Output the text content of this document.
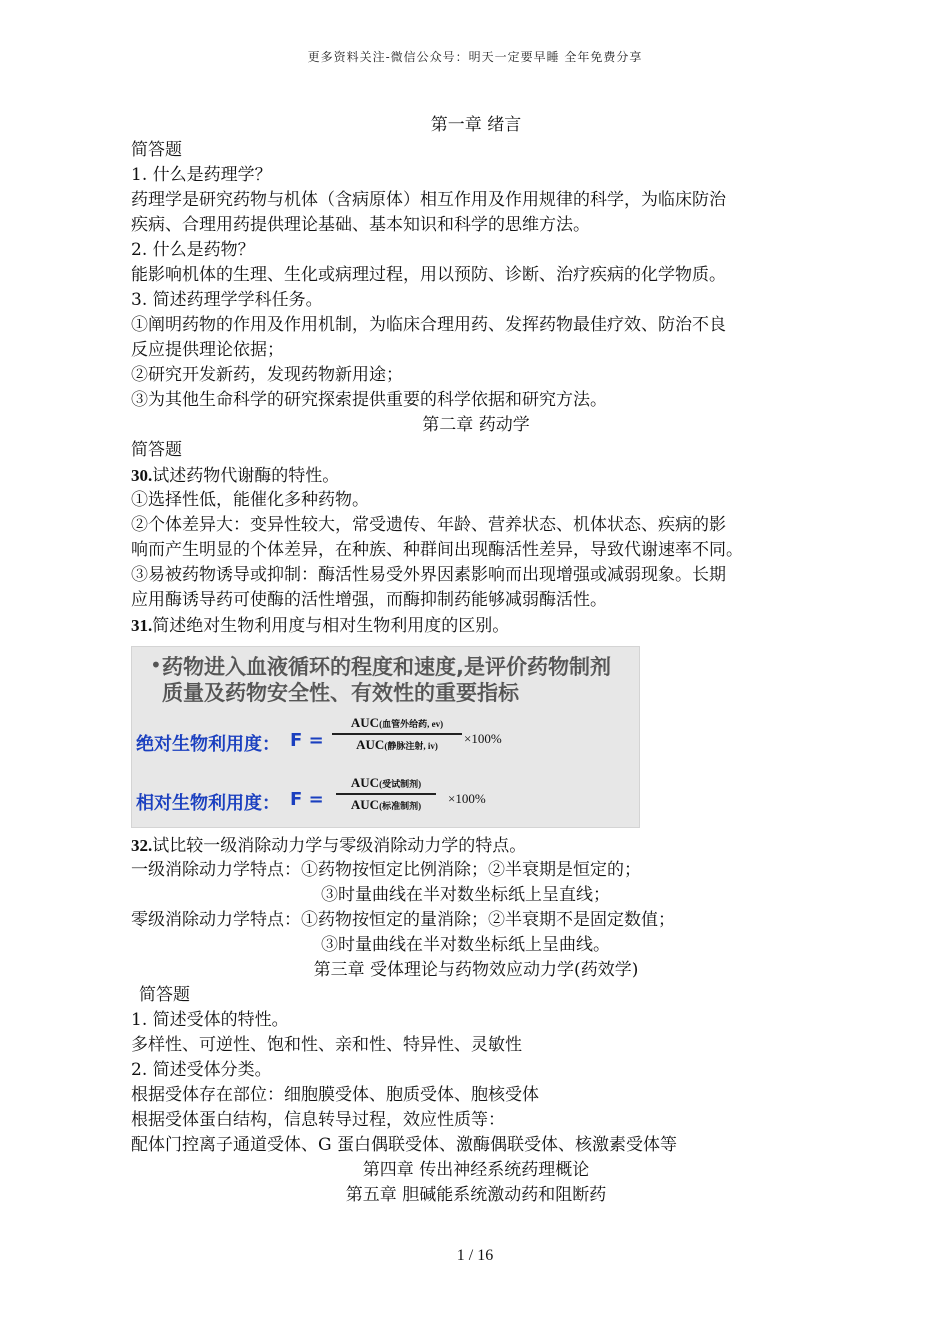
更多资料关注-微信公众号：明天一定要早睡 全年免费分享
第一章 绪言
简答题
1. 什么是药理学？
药理学是研究药物与机体（含病原体）相互作用及作用规律的科学，为临床防治
疾病、合理用药提供理论基础、基本知识和科学的思维方法。
2. 什么是药物？
能影响机体的生理、生化或病理过程，用以预防、诊断、治疗疾病的化学物质。
3. 简述药理学学科任务。
①阐明药物的作用及作用机制，为临床合理用药、发挥药物最佳疗效、防治不良
反应提供理论依据；
②研究开发新药，发现药物新用途；
③为其他生命科学的研究探索提供重要的科学依据和研究方法。
第二章 药动学
简答题
30.试述药物代谢酶的特性。
①选择性低，能催化多种药物。
②个体差异大：变异性较大，常受遗传、年龄、营养状态、机体状态、疾病的影
响而产生明显的个体差异，在种族、种群间出现酶活性差异，导致代谢速率不同。
③易被药物诱导或抑制：酶活性易受外界因素影响而出现增强或减弱现象。长期
应用酶诱导药可使酶的活性增强，而酶抑制药能够减弱酶活性。
31.简述绝对生物利用度与相对生物利用度的区别。
• 药物进入血液循环的程度和速度,是评价药物制剂
质量及药物安全性、有效性的重要指标
绝对生物利用度： F =
AUC(血管外给药, ev)
AUC(静脉注射, iv)	×100%
相对生物利用度： F =
AUC(受试制剂)
AUC(标准制剂)	×100%
32.试比较一级消除动力学与零级消除动力学的特点。
一级消除动力学特点：①药物按恒定比例消除；②半衰期是恒定的；
③时量曲线在半对数坐标纸上呈直线；
零级消除动力学特点：①药物按恒定的量消除；②半衰期不是固定数值；
③时量曲线在半对数坐标纸上呈曲线。
第三章 受体理论与药物效应动力学(药效学)
简答题
1. 简述受体的特性。
多样性、可逆性、饱和性、亲和性、特异性、灵敏性
2. 简述受体分类。
根据受体存在部位：细胞膜受体、胞质受体、胞核受体
根据受体蛋白结构，信息转导过程，效应性质等：
配体门控离子通道受体、G 蛋白偶联受体、激酶偶联受体、核激素受体等
第四章 传出神经系统药理概论
第五章 胆碱能系统激动药和阻断药
1 / 16
